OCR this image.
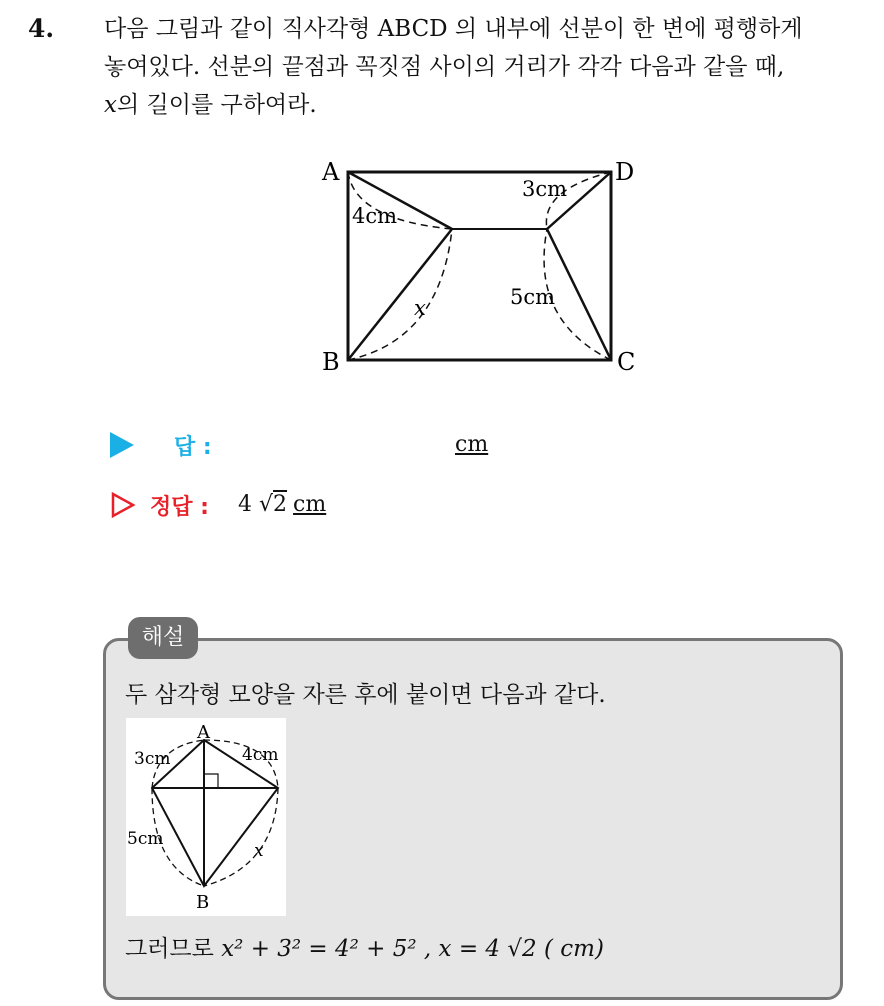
4. 다음 그림과 같이 직사각형 ABCD 의 내부에 선분이 한 변에 평행하게
놓여있다. 선분의 끝점과 꼭짓점 사이의 거리가 각각 다음과 같을 때,
x의 길이를 구하여라.
A	D
B	C
4cm
3cm
5cm
x
답 :	cm
정답 : 4 √2 cm
해설
두 삼각형 모양을 자른 후에 붙이면 다음과 같다.
A
B
3cm	4cm
5cm
x
그러므로 x² + 3² = 4² + 5² , x = 4 √2 ( cm)
